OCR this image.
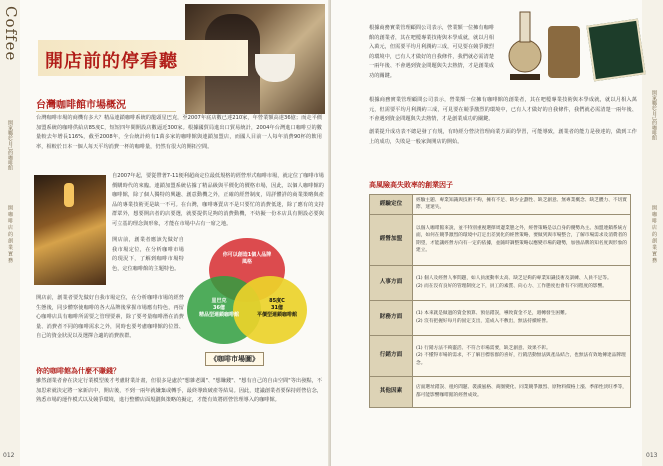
Coffee
開家屬於自己的咖啡館
開 咖 啡 店 的 創 業 實 務
012
開店前的停看聽
台灣咖啡館市場概況
台灣咖啡市場的商機有多大？精品連鎖咖啡系統的龍頭星巴克，至2007年底店數已達210家，年營業額高達36億；而走平價加盟系統的咖啡供給店85度C，短短四年間開設店數逼近300家。根據國貿局進出口貿易統計，2004年台灣進口咖啡豆的數量較去年增長116%，截至2008年，全台統計約有1萬多家的咖啡館與連鎖加盟店，而國人目前一人每年消費90杯的飲用率，相較於日本一個人每天平均消費一杯的咖啡量，仍然有很大的開拓空間。
自2007年起，要從帶著7-11便利超商定位最低規格的經營形式咖啡市場，就定位了咖啡市場價購時代的來臨。連鎖加盟系統佔據了精品級與平價化的價格市場，因此，以個人咖啡館的咖啡館，除了個人獨特的興趣、創意動機之外，正確的經營制度，周詳體詳的商業策略與產品的專業技術更是缺一不可。在台灣，咖啡專賣店不是只要忙的消費低迷，除了應有的支持群眾外，想要開店者的店要選，就要提供足夠的消費動機，不妨擬一份本店具有開設必要與可立基的理念與形象，才能在市場中占有一席之地。
開店前，創業者應該先做好自我市場定位，在分析咖啡市場的現況下，了解到咖啡市場特色，定位咖啡館的主題特色。
開店前，創業者要先做好自我市場定位，在分析咖啡市場的經營生態後，同步體察使咖啡的各大品牌後掌握市場應有特色，再留心咖啡店具有咖啡所需要之管理要素，除了要考量咖啡潛在消費量、消費者不同的咖啡需求之外，同時也要考慮咖啡館的位置、自己的資金狀況以及選擇合適的消費族群。
你可以創造1個人品牌風格
星巴克
36億
精品型連鎖咖啡館
85度C
31億
平價型連鎖咖啡館
《咖啡市場圖》
你的咖啡館為什麼不賺錢？
雖然創業者會在決定行業模型後才考慮財業計畫，但很多是處於"想雜老闆"、"想賺錢"、"想有自己的自由空間"等出發點，不加思索就決定將一家新店中，開店後，不到一兩年就嫌棄或轉手，最終導致破產等結局。因此，建議創業者要保持經營信念，熟悉市場的運作模式以及競爭環境，進行整體店面規劃與策略的擬定，才能有效將經營管理導入的咖啡館。
開家屬於自己的咖啡館
開 咖 啡 店 的 創 業 實 務
013
根據商務實業管理顧問公司表示，營業額一位擁有咖啡館的創業者，其在吧檯專業技術與本學成就，就以月相入萬元，但需要平均月利潤約三成，可見要在競爭激烈的環境中，已有人才做好的自我條件，我們就必需清楚一兩年後、不會遇到資金問題與失去熱情，才是創業成功的關鍵。
根據商務實業管理顧問公司表示，營業額一位擁有咖啡館的創業者，其在吧檯專業技術與本學成就，就以月相入萬元，但需要平均月利潤約三成，可見要在競爭激烈的環境中，已有人才做好的自我條件，我們就必需清楚一兩年後、不會遇到資金問題與失去熱情，才是創業成功的關鍵。
創業提升成功表不總是發了有規，有時經分營決管理商業方面的學習，可能導致，創業者的能力是發達的，做到工作上的成功，失敗是一般家與開店的開始。
高風險高失敗率的創業因子
經驗定位	經驗主題、專業知識與技術不夠，擁有不足、缺少企劃性、缺乏創意、無專業概念、缺乏體力、不切實際、迷迷失。
經營加盟	以個人咖啡館來說，並不特別重視選擇周邊業態之外，經營策略是以自身的優勢為主。加盟連鎖系統方面，如何在競爭激烈的環境中訂定出差異化的經營策略，要做到與市場整合，了解市場需求及消費者的期望，才能讓經營方向有一定的依據，並隨時調整策略以應變市場的趨勢，加強品牌的知名度與形象的建立。
人事方面	(1) 個人及經營人事問題，如人員流動率太高、缺乏足夠的專業知識技術及訓練、人員不足等。
(2) 而在沒有良好的管理制度之下，員工的素質、向心力、工作態度也會有不同程度的影響。
財務方面	(1) 本來就是做過的資金預算、預估錯誤，導致資金不足，週轉發生困難。
(2) 沒有把握好每月的固定支出，造成入不敷出，無法持續經營。
行銷方面	(1) 行銷方法不夠靈活、不符合市場需要，缺乏創意、效果不彰。
(2) 不懂得市場的需求，不了解目標客群的喜好，行銷活動無法與產品結合，也無法有效地傳達品牌理念。
其他因素	店面選址錯誤、租約問題、裝潢風格、商圈變化、同業競爭激烈、原物料價格上漲、季節性淡旺季等，都可能影響咖啡館的經營成效。
